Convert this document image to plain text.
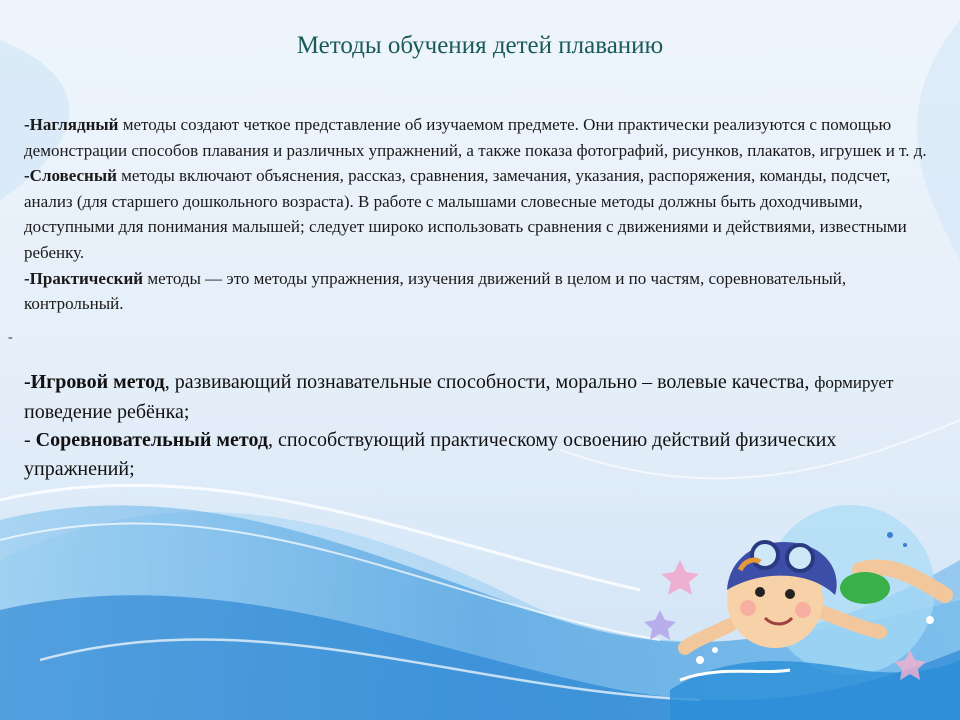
Методы обучения детей плаванию

-Наглядный методы создают четкое представление об изучаемом предмете. Они практически реализуются с помощью демонстрации способов плавания и различных упражнений, а также показа фотографий, рисунков, плакатов, игрушек и т. д.
-Словесный методы включают объяснения, рассказ, сравнения, замечания, указания, распоряжения, команды, подсчет, анализ (для старшего дошкольного возраста). В работе с малышами словесные методы должны быть доходчивыми, доступными для понимания малышей; следует широко использовать сравнения с движениями и действиями, известными ребенку.
-Практический методы — это методы упражнения, изучения движений в целом и по частям, соревновательный, контрольный.

-

-Игровой метод, развивающий познавательные способности, морально – волевые качества, формирует поведение ребёнка;
- Соревновательный метод, способствующий практическому освоению действий физических упражнений;
